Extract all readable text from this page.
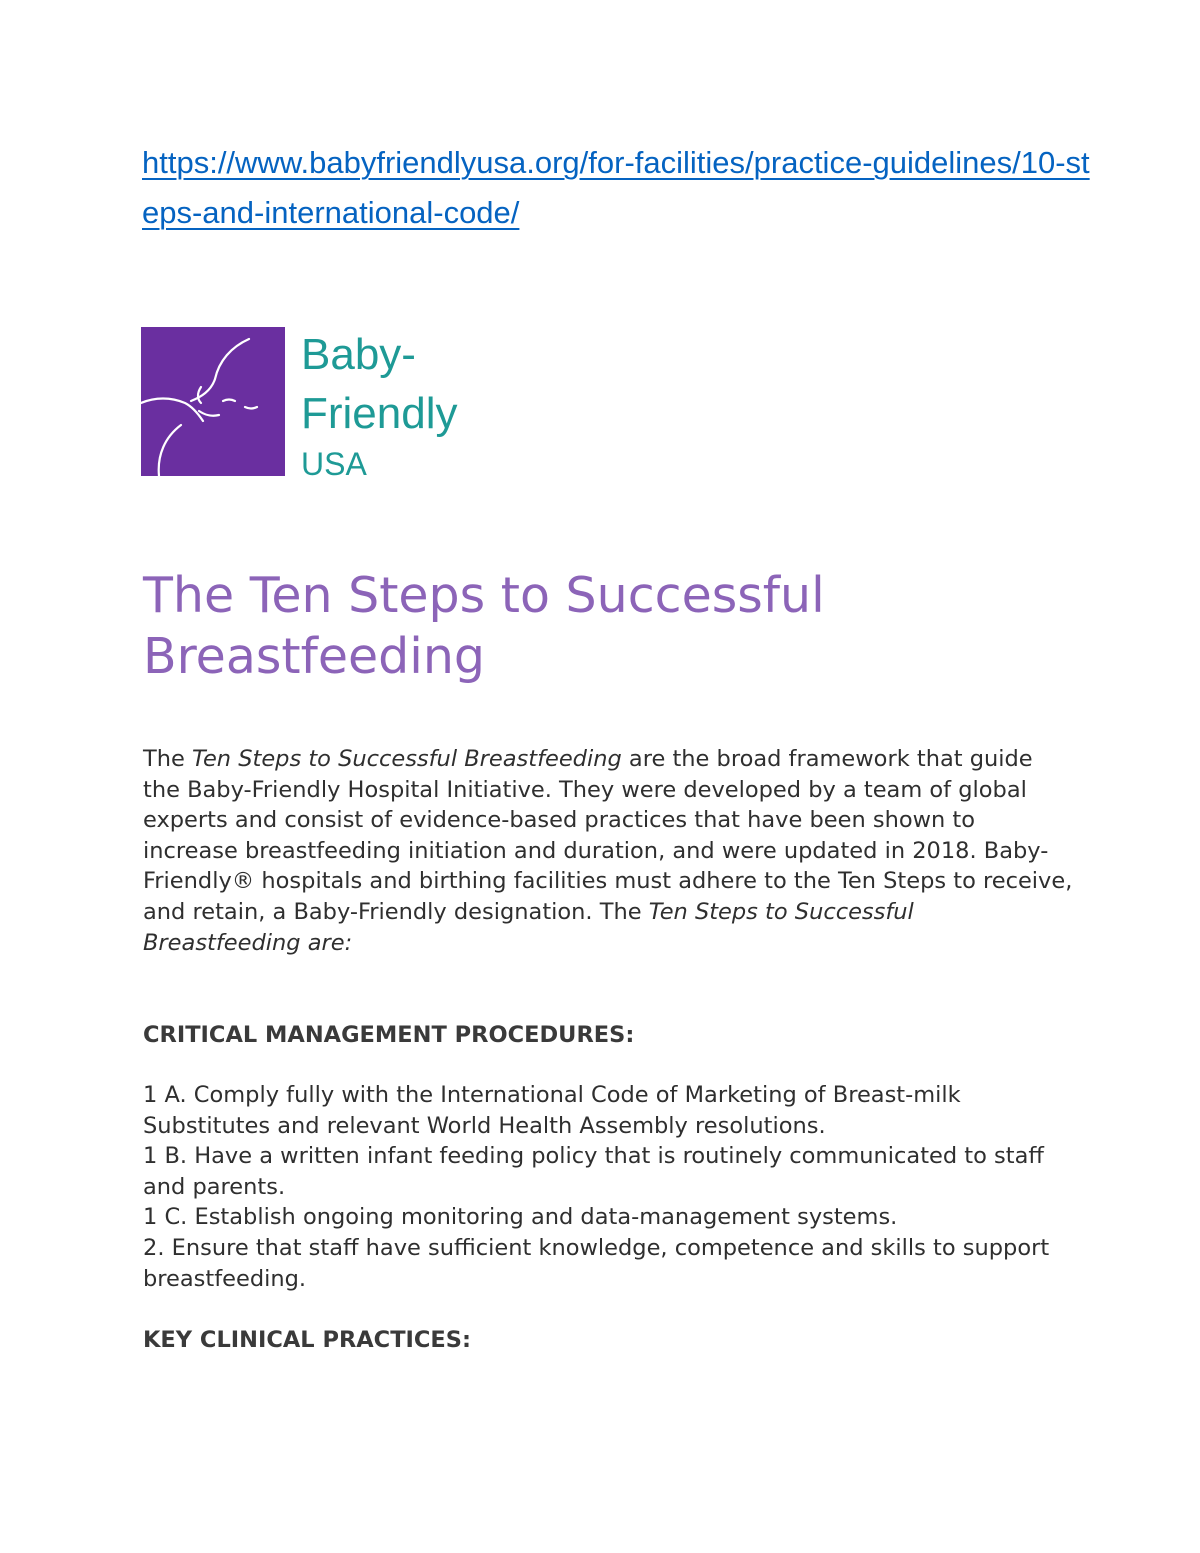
https://www.babyfriendlyusa.org/for-facilities/practice-guidelines/10-steps-and-international-code/
Baby-
Friendly
USA
The Ten Steps to Successful Breastfeeding

The Ten Steps to Successful Breastfeeding are the broad framework that guide the Baby-Friendly Hospital Initiative. They were developed by a team of global experts and consist of evidence-based practices that have been shown to increase breastfeeding initiation and duration, and were updated in 2018. Baby-Friendly® hospitals and birthing facilities must adhere to the Ten Steps to receive, and retain, a Baby-Friendly designation. The Ten Steps to Successful Breastfeeding are:

CRITICAL MANAGEMENT PROCEDURES:

1 A. Comply fully with the International Code of Marketing of Breast-milk Substitutes and relevant World Health Assembly resolutions.

1 B. Have a written infant feeding policy that is routinely communicated to staff and parents.

1 C. Establish ongoing monitoring and data-management systems.

2. Ensure that staff have sufficient knowledge, competence and skills to support breastfeeding.

KEY CLINICAL PRACTICES:
